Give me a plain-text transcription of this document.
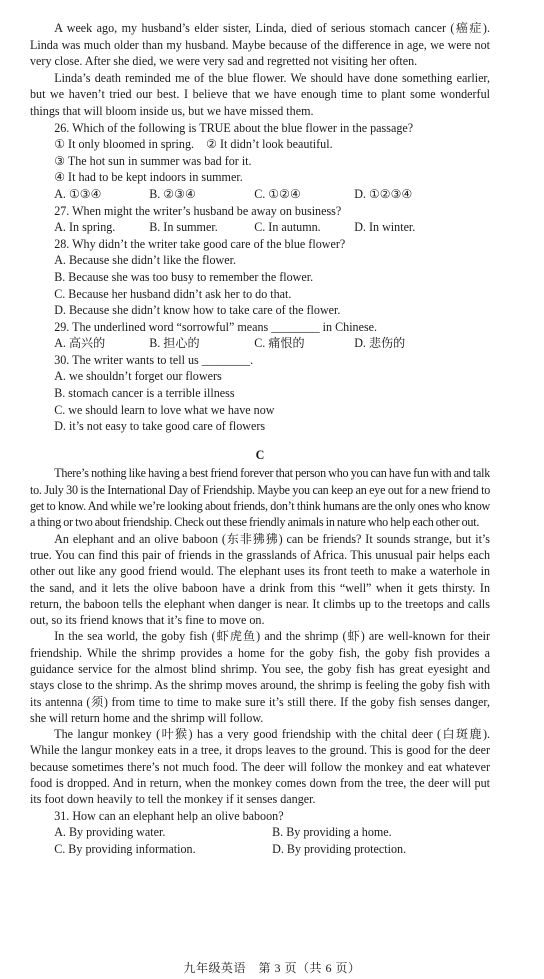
A week ago, my husband’s elder sister, Linda, died of serious stomach cancer (癌症). Linda was much older than my husband. Maybe because of the difference in age, we were not very close. After she died, we were very sad and regretted not visiting her often.

Linda’s death reminded me of the blue flower. We should have done something earlier, but we haven’t tried our best. I believe that we have enough time to plant some wonderful things that will bloom inside us, but we have missed them.

26. Which of the following is TRUE about the blue flower in the passage?

① It only bloomed in spring.　② It didn’t look beautiful.

③ The hot sun in summer was bad for it.

④ It had to be kept indoors in summer.

A. ①③④	B. ②③④	C. ①②④	D. ①②③④

27. When might the writer’s husband be away on business?

A. In spring.	B. In summer.	C. In autumn.	D. In winter.

28. Why didn’t the writer take good care of the blue flower?

A. Because she didn’t like the flower.

B. Because she was too busy to remember the flower.

C. Because her husband didn’t ask her to do that.

D. Because she didn’t know how to take care of the flower.

29. The underlined word “sorrowful” means ________ in Chinese.

A. 高兴的	B. 担心的	C. 痛恨的	D. 悲伤的

30. The writer wants to tell us ________.

A. we shouldn’t forget our flowers

B. stomach cancer is a terrible illness

C. we should learn to love what we have now

D. it’s not easy to take good care of flowers

C

There’s nothing like having a best friend forever that person who you can have fun with and talk to. July 30 is the International Day of Friendship. Maybe you can keep an eye out for a new friend to get to know. And while we’re looking about friends, don’t think humans are the only ones who know a thing or two about friendship. Check out these friendly animals in nature who help each other out.

An elephant and an olive baboon (东非狒狒) can be friends? It sounds strange, but it’s true. You can find this pair of friends in the grasslands of Africa. This unusual pair helps each other out like any good friend would. The elephant uses its front teeth to make a waterhole in the sand, and it lets the olive baboon have a drink from this “well” when it gets thirsty. In return, the baboon tells the elephant when danger is near. It climbs up to the treetops and calls out, so its friend knows that it’s fine to move on.

In the sea world, the goby fish (虾虎鱼) and the shrimp (虾) are well-known for their friendship. While the shrimp provides a home for the goby fish, the goby fish provides a guidance service for the almost blind shrimp. You see, the goby fish has great eyesight and stays close to the shrimp. As the shrimp moves around, the shrimp is feeling the goby fish with its antenna (须) from time to time to make sure it’s still there. If the goby fish senses danger, she will return home and the shrimp will follow.

The langur monkey (叶猴) has a very good friendship with the chital deer (白斑鹿). While the langur monkey eats in a tree, it drops leaves to the ground. This is good for the deer because sometimes there’s not much food. The deer will follow the monkey and eat whatever food is dropped. And in return, when the monkey comes down from the tree, the deer will put its foot down heavily to tell the monkey if it senses danger.

31. How can an elephant help an olive baboon?

A. By providing water.	B. By providing a home.
C. By providing information.	D. By providing protection.
九年级英语　第 3 页（共 6 页）
